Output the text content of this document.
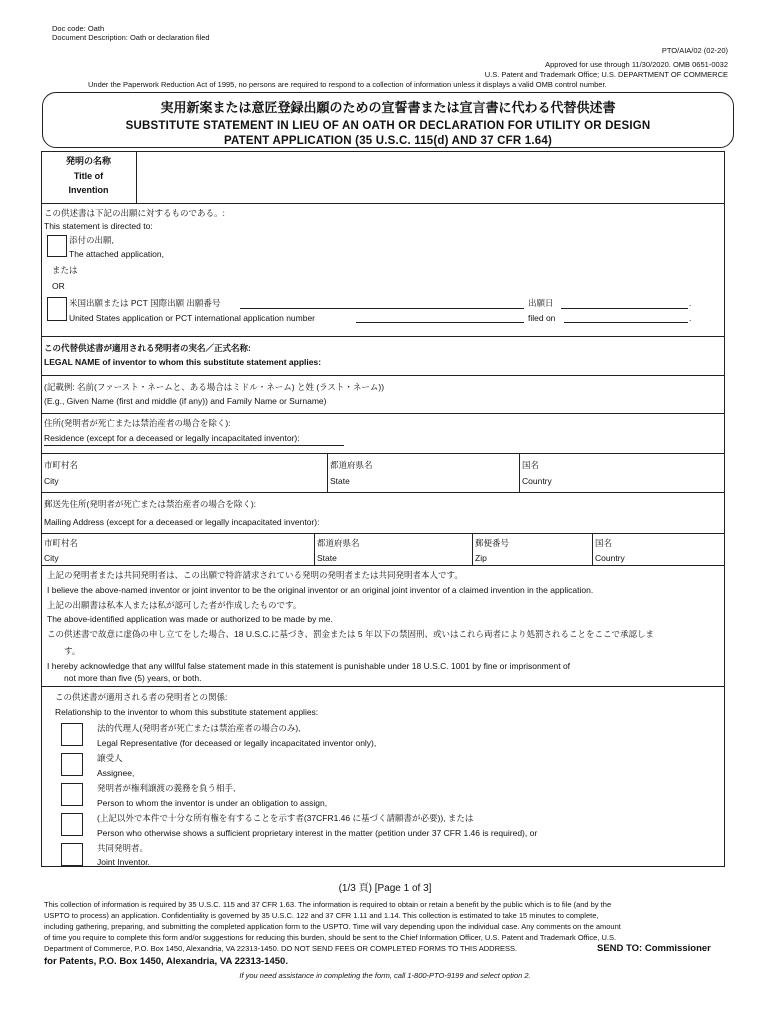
Doc code: Oath
Document Description: Oath or declaration filed
PTO/AIA/02 (02-20)
Approved for use through 11/30/2020. OMB 0651-0032
U.S. Patent and Trademark Office; U.S. DEPARTMENT OF COMMERCE
Under the Paperwork Reduction Act of 1995, no persons are required to respond to a collection of information unless it displays a valid OMB control number.
実用新案または意匠登録出願のための宣誓書または宣言書に代わる代替供述書
SUBSTITUTE STATEMENT IN LIEU OF AN OATH OR DECLARATION FOR UTILITY OR DESIGN
PATENT APPLICATION (35 U.S.C. 115(d) AND 37 CFR 1.64)
発明の名称
Title of
Invention
この供述書は下記の出願に対するものである。:
This statement is directed to:
添付の出願,
The attached application,
または
OR
米国出願または PCT 国際出願 出願番号
United States application or PCT international application number
出願日
filed on
.
.
この代替供述書が適用される発明者の実名／正式名称:
LEGAL NAME of inventor to whom this substitute statement applies:
(記載例: 名前(ファースト・ネームと、ある場合はミドル・ネーム) と姓 (ラスト・ネーム))
(E.g., Given Name (first and middle (if any)) and Family Name or Surname)
住所(発明者が死亡または禁治産者の場合を除く):
Residence (except for a deceased or legally incapacitated inventor):
市町村名
City
都道府県名
State
国名
Country
郵送先住所(発明者が死亡または禁治産者の場合を除く):
Mailing Address (except for a deceased or legally incapacitated inventor):
市町村名
City
都道府県名
State
郵便番号
Zip
国名
Country
上記の発明者または共同発明者は、この出願で特許請求されている発明の発明者または共同発明者本人です。
I believe the above-named inventor or joint inventor to be the original inventor or an original joint inventor of a claimed invention in the application.
上記の出願書は私本人または私が認可した者が作成したものです。
The above-identified application was made or authorized to be made by me.
この供述書で故意に虚偽の申し立てをした場合、18 U.S.C.に基づき、罰金または 5 年以下の禁固刑、或いはこれら両者により処罰されることをここで承認しま
す。
I hereby acknowledge that any willful false statement made in this statement is punishable under 18 U.S.C. 1001 by fine or imprisonment of
not more than five (5) years, or both.
この供述書が適用される者の発明者との関係:
Relationship to the inventor to whom this substitute statement applies:
法的代理人(発明者が死亡または禁治産者の場合のみ),
Legal Representative (for deceased or legally incapacitated inventor only),
譲受人
Assignee,
発明者が権利譲渡の義務を負う相手,
Person to whom the inventor is under an obligation to assign,
(上記以外で本件で十分な所有権を有することを示す者(37CFR1.46 に基づく請願書が必要)), または
Person who otherwise shows a sufficient proprietary interest in the matter (petition under 37 CFR 1.46 is required), or
共同発明者。
Joint Inventor.
(1/3 頁) [Page 1 of 3]
This collection of information is required by 35 U.S.C. 115 and 37 CFR 1.63. The information is required to obtain or retain a benefit by the public which is to file (and by the
USPTO to process) an application. Confidentiality is governed by 35 U.S.C. 122 and 37 CFR 1.11 and 1.14. This collection is estimated to take 15 minutes to complete,
including gathering, preparing, and submitting the completed application form to the USPTO. Time will vary depending upon the individual case. Any comments on the amount
of time you require to complete this form and/or suggestions for reducing this burden, should be sent to the Chief Information Officer, U.S. Patent and Trademark Office, U.S.
Department of Commerce, P.O. Box 1450, Alexandria, VA 22313-1450. DO NOT SEND FEES OR COMPLETED FORMS TO THIS ADDRESS.	SEND TO: Commissioner
for Patents, P.O. Box 1450, Alexandria, VA 22313-1450.
If you need assistance in completing the form, call 1-800-PTO-9199 and select option 2.
